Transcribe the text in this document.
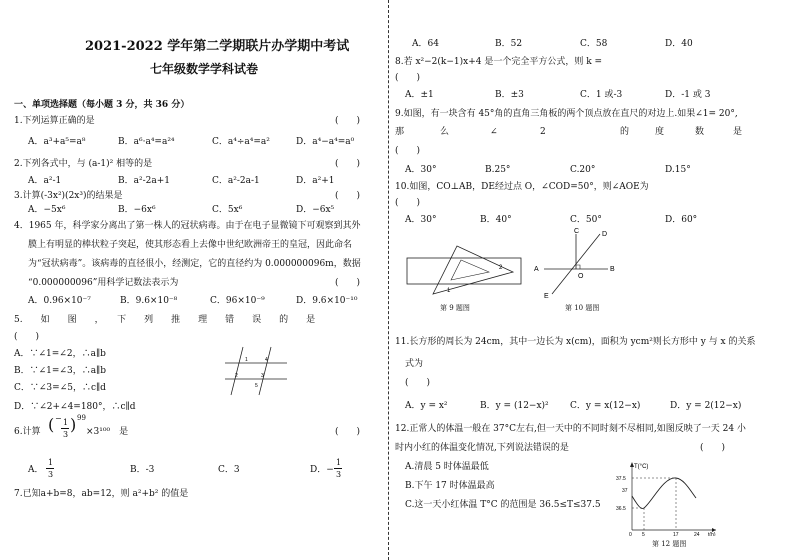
2021-2022 学年第二学期联片办学期中考试
七年级数学学科试卷
一、单项选择题（每小题 3 分，共 36 分）
1.下列运算正确的是	(　　)
A．a³+a⁵=a⁸	B．a⁶·a⁴=a²⁴	C．a⁴÷a⁴=a²	D．a⁴−a⁴=a⁰
2.下列各式中，与 (a-1)² 相等的是	(　　)
A．a²-1	B．a²-2a+1	C．a²-2a-1	D．a²+1
3.计算(-3x²)(2x³)的结果是	(　　)
A．−5x⁶	B．−6x⁶	C．5x⁶	D．−6x⁵
4．1965 年，科学家分离出了第一株人的冠状病毒。由于在电子显微镜下可观察到其外
膜上有明显的棒状粒子突起，使其形态看上去像中世纪欧洲帝王的皇冠，因此命名
为“冠状病毒”。该病毒的直径很小，经测定，它的直径约为 0.000000096m，数据
“0.000000096”用科学记数法表示为	(　　)
A．0.96×10⁻⁷	B．9.6×10⁻⁸	C．96×10⁻⁹	D．9.6×10⁻¹⁰
5.　　如　　图　　，　　下　　列　　推　　理　　错　　误　　的　　是
(　　)
A．∵∠1=∠2，∴a∥b
B．∵∠1=∠3，∴a∥b
C．∵∠3=∠5，∴c∥d
D．∵∠2+∠4=180°，∴c∥d
1
2	3
4
5
6.计算 ( − 1
3
) 99
×3¹⁰⁰　是	(　　)
A．
1
3	B．-3	C．3	D．−
1
3
7.已知a+b=8，ab=12，则 a²+b² 的值是
A．64	B．52	C．58	D．40
8.若 x²−2(k−1)x+4 是一个完全平方公式，则 k =
(　　)
A．±1	B．±3	C．1 或-3	D．-1 或 3
9.如图，有一块含有 45°角的直角三角板的两个顶点放在直尺的对边上.如果∠1= 20°,
那	么	∠	2	的	度	数	是
(　　)
A．30°	B.25°	C.20°	D.15°
10.如图，CO⊥AB，DE经过点 O，∠COD=50°，则∠AOE为
(　　)
A．30°	B．40°	C．50°	D．60°
2
1
第 9 题图
A	B
C	D
E
O
第 10 题图
11.长方形的周长为 24cm，其中一边长为 x(cm)，面积为 ycm²则长方形中 y 与 x 的关系
式为
(　　)
A．y = x²	B．y = (12−x)² C．y = x(12−x)	D．y = 2(12−x)
12.正常人的体温一般在 37°C左右,但一天中的不同时刻不尽相同,如图反映了一天 24 小
时内小红的体温变化情况,下列说法错误的是	(　　)
A.清晨 5 时体温最低
B.下午 17 时体温最高
C.这一天小红体温 T°C 的范围是 36.5≤T≤37.5
T(°C)
37.5
37
36.5
0 5	17	24 t(h)
第 12 题图
